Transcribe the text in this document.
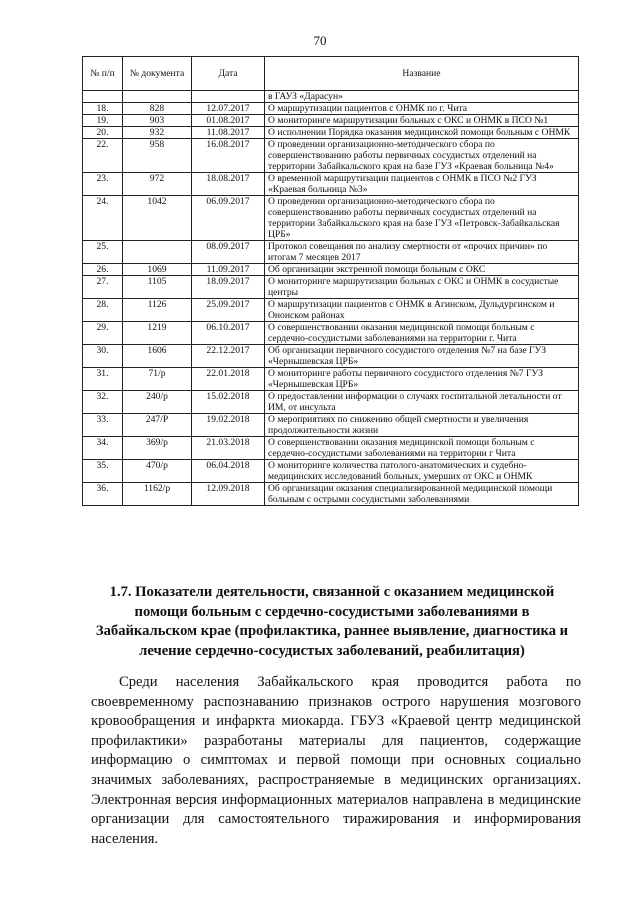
70
№ п/п	№ документа	Дата	Название
			в ГАУЗ «Дарасун»
18.	828	12.07.2017	О маршрутизации пациентов с ОНМК по г. Чита
19.	903	01.08.2017	О мониторинге маршрутизации больных с ОКС и ОНМК в ПСО №1
20.	932	11.08.2017	О исполнении Порядка оказания медицинской помощи больным с ОНМК
22.	958	16.08.2017	О проведении организационно-методического сбора по совершенствованию работы первичных сосудистых отделений на территории Забайкальского края на базе ГУЗ «Краевая больница №4»
23.	972	18.08.2017	О временной маршрутизации пациентов с ОНМК в ПСО №2 ГУЗ «Краевая больница №3»
24.	1042	06.09.2017	О проведении организационно-методического сбора по совершенствованию работы первичных сосудистых отделений на территории Забайкальского края на базе ГУЗ «Петровск-Забайкальская ЦРБ»
25.		08.09.2017	Протокол совещания по анализу смертности от «прочих причин» по итогам 7 месяцев 2017
26.	1069	11.09.2017	Об организации экстренной помощи больным с ОКС
27.	1105	18.09.2017	О мониторинге маршрутизации больных с ОКС и ОНМК в сосудистые центры
28.	1126	25.09.2017	О маршрутизации пациентов с ОНМК в Агинском, Дульдургинском и Ононском районах
29.	1219	06.10.2017	О совершенствовании оказания медицинской помощи больным с сердечно-сосудистыми заболеваниями на территории г. Чита
30.	1606	22.12.2017	Об организации первичного сосудистого отделения №7 на базе ГУЗ «Чернышевская ЦРБ»
31.	71/р	22.01.2018	О мониторинге работы первичного сосудистого отделения №7 ГУЗ «Чернышевская ЦРБ»
32.	240/р	15.02.2018	О предоставлении информации о случаях госпитальной летальности от ИМ, от инсульта
33.	247/Р	19.02.2018	О мероприятиях по снижению общей смертности и увеличения продолжительности жизни
34.	369/р	21.03.2018	О совершенствовании оказания медицинской помощи больным с сердечно-сосудистыми заболеваниями на территории г Чита
35.	470/р	06.04.2018	О мониторинге количества патолого-анатомических и судебно-медицинских исследований больных, умерших от ОКС и ОНМК
36.	1162/р	12.09.2018	Об организации оказания специализированной медицинской помощи больным с острыми сосудистыми заболеваниями
1.7. Показатели деятельности, связанной с оказанием медицинской помощи больным с сердечно-сосудистыми заболеваниями в Забайкальском крае (профилактика, раннее выявление, диагностика и лечение сердечно-сосудистых заболеваний, реабилитация)

Среди населения Забайкальского края проводится работа по своевременному распознаванию признаков острого нарушения мозгового кровообращения и инфаркта миокарда. ГБУЗ «Краевой центр медицинской профилактики» разработаны материалы для пациентов, содержащие информацию о симптомах и первой помощи при основных социально значимых заболеваниях, распространяемые в медицинских организациях. Электронная версия информационных материалов направлена в медицинские организации для самостоятельного тиражирования и информирования населения.
